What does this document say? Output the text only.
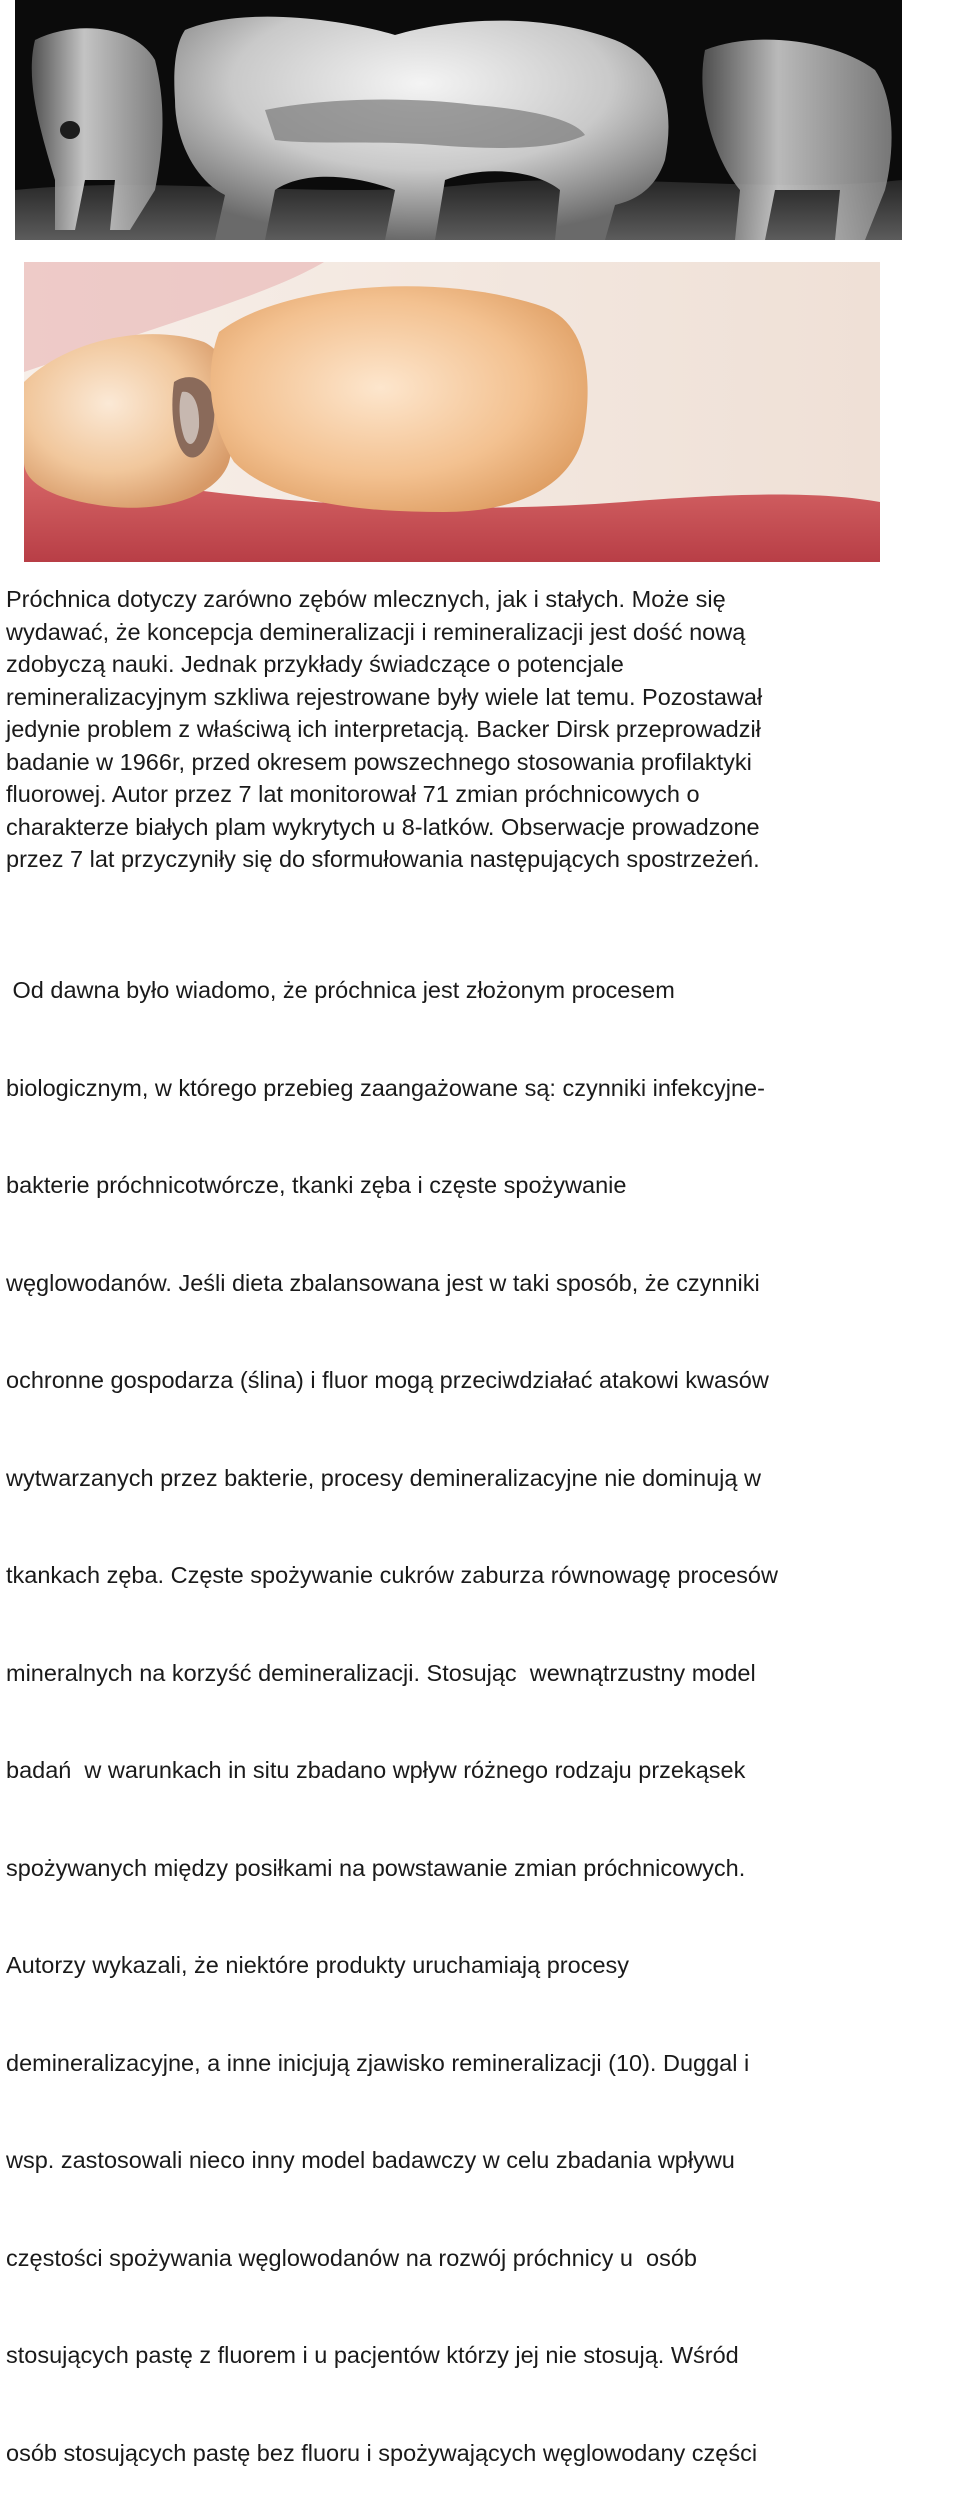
Próchnica dotyczy zarówno zębów mlecznych, jak i stałych. Może się
wydawać, że koncepcja demineralizacji i remineralizacji jest dość nową
zdobyczą nauki. Jednak przykłady świadczące o potencjale
remineralizacyjnym szkliwa rejestrowane były wiele lat temu. Pozostawał
jedynie problem z właściwą ich interpretacją. Backer Dirsk przeprowadził
badanie w 1966r, przed okresem powszechnego stosowania profilaktyki
fluorowej. Autor przez 7 lat monitorował 71 zmian próchnicowych o
charakterze białych plam wykrytych u 8-latków. Obserwacje prowadzone
przez 7 lat przyczyniły się do sformułowania następujących spostrzeżeń.

Od dawna było wiadomo, że próchnica jest złożonym procesem

biologicznym, w którego przebieg zaangażowane są: czynniki infekcyjne-

bakterie próchnicotwórcze, tkanki zęba i częste spożywanie

węglowodanów. Jeśli dieta zbalansowana jest w taki sposób, że czynniki

ochronne gospodarza (ślina) i fluor mogą przeciwdziałać atakowi kwasów

wytwarzanych przez bakterie, procesy demineralizacyjne nie dominują w

tkankach zęba. Częste spożywanie cukrów zaburza równowagę procesów

mineralnych na korzyść demineralizacji. Stosując  wewnątrzustny model

badań  w warunkach in situ zbadano wpływ różnego rodzaju przekąsek

spożywanych między posiłkami na powstawanie zmian próchnicowych.

Autorzy wykazali, że niektóre produkty uruchamiają procesy

demineralizacyjne, a inne inicjują zjawisko remineralizacji (10). Duggal i

wsp. zastosowali nieco inny model badawczy w celu zbadania wpływu

częstości spożywania węglowodanów na rozwój próchnicy u  osób

stosujących pastę z fluorem i u pacjentów którzy jej nie stosują. Wśród

osób stosujących pastę bez fluoru i spożywających węglowodany części
